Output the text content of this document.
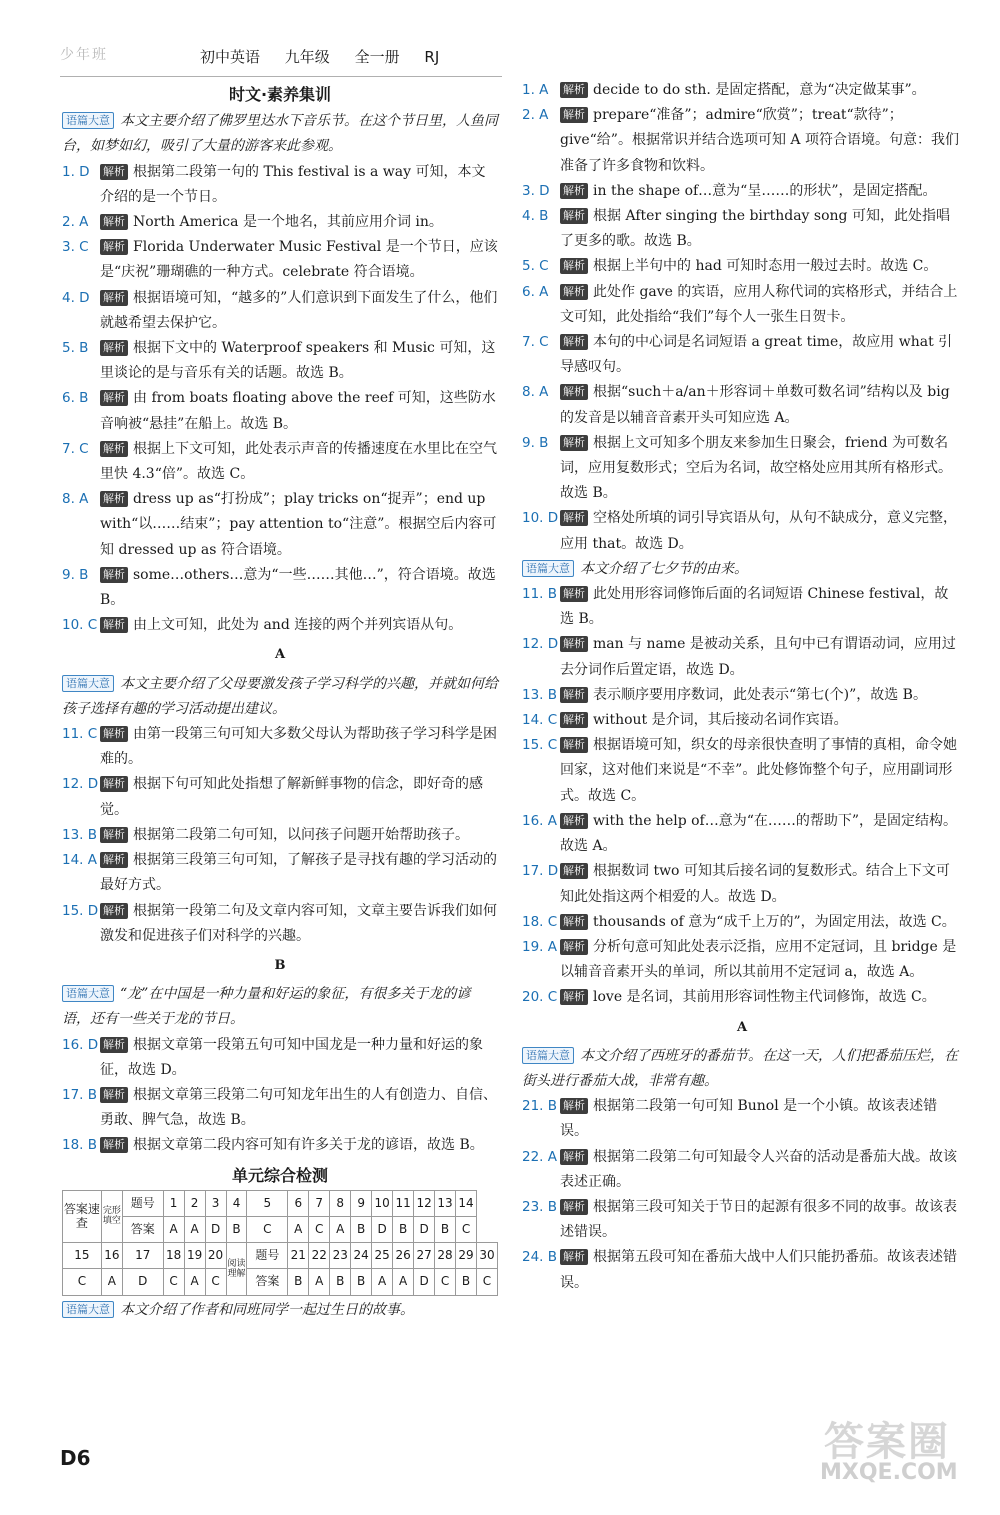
少年班	初中英语 九年级 全一册 RJ
时文·素养集训
语篇大意 本文主要介绍了佛罗里达水下音乐节。在这个节日里，人鱼同台，如梦如幻，吸引了大量的游客来此参观。
1. D 解析 根据第二段第一句的 This festival is a way 可知，本文介绍的是一个节日。
2. A 解析 North America 是一个地名，其前应用介词 in。
3. C 解析 Florida Underwater Music Festival 是一个节日，应该是“庆祝”珊瑚礁的一种方式。celebrate 符合语境。
4. D 解析 根据语境可知，“越多的”人们意识到下面发生了什么，他们就越希望去保护它。
5. B 解析 根据下文中的 Waterproof speakers 和 Music 可知，这里谈论的是与音乐有关的话题。故选 B。
6. B 解析 由 from boats floating above the reef 可知，这些防水音响被“悬挂”在船上。故选 B。
7. C 解析 根据上下文可知，此处表示声音的传播速度在水里比在空气里快 4.3“倍”。故选 C。
8. A 解析 dress up as“打扮成”；play tricks on“捉弄”；end up with“以……结束”；pay attention to“注意”。根据空后内容可知 dressed up as 符合语境。
9. B 解析 some…others…意为“一些……其他…”，符合语境。故选 B。
10. C 解析 由上文可知，此处为 and 连接的两个并列宾语从句。
A
语篇大意 本文主要介绍了父母要激发孩子学习科学的兴趣，并就如何给孩子选择有趣的学习活动提出建议。
11. C 解析 由第一段第三句可知大多数父母认为帮助孩子学习科学是困难的。
12. D 解析 根据下句可知此处指想了解新鲜事物的信念，即好奇的感觉。
13. B 解析 根据第二段第二句可知，以问孩子问题开始帮助孩子。
14. A 解析 根据第三段第三句可知，了解孩子是寻找有趣的学习活动的最好方式。
15. D 解析 根据第一段第二句及文章内容可知，文章主要告诉我们如何激发和促进孩子们对科学的兴趣。
B
语篇大意 “龙”在中国是一种力量和好运的象征，有很多关于龙的谚语，还有一些关于龙的节日。
16. D 解析 根据文章第一段第五句可知中国龙是一种力量和好运的象征，故选 D。
17. B 解析 根据文章第三段第二句可知龙年出生的人有创造力、自信、勇敢、脾气急，故选 B。
18. B 解析 根据文章第二段内容可知有许多关于龙的谚语，故选 B。
单元综合检测
答案速查	完形填空	题号	1	2	3	4	5	6	7	8	9	10	11	12	13	14	
		答案	A	A	D	B	C	A	C	A	B	D	B	D	B	C	
15	16	17	18	19	20	阅读理解	题号	21	22	23	24	25	26	27	28	29	30
C	A	D	C	A	C		答案	B	A	B	B	A	A	D	C	B	C
语篇大意 本文介绍了作者和同班同学一起过生日的故事。
1. A 解析 decide to do sth. 是固定搭配，意为“决定做某事”。
2. A 解析 prepare“准备”；admire“欣赏”；treat“款待”；give“给”。根据常识并结合选项可知 A 项符合语境。句意：我们准备了许多食物和饮料。
3. D 解析 in the shape of…意为“呈……的形状”，是固定搭配。
4. B 解析 根据 After singing the birthday song 可知，此处指唱了更多的歌。故选 B。
5. C 解析 根据上半句中的 had 可知时态用一般过去时。故选 C。
6. A 解析 此处作 gave 的宾语，应用人称代词的宾格形式，并结合上文可知，此处指给“我们”每个人一张生日贺卡。
7. C 解析 本句的中心词是名词短语 a great time，故应用 what 引导感叹句。
8. A 解析 根据“such＋a/an＋形容词＋单数可数名词”结构以及 big 的发音是以辅音音素开头可知应选 A。
9. B 解析 根据上文可知多个朋友来参加生日聚会，friend 为可数名词，应用复数形式；空后为名词，故空格处应用其所有格形式。故选 B。
10. D 解析 空格处所填的词引导宾语从句，从句不缺成分，意义完整，应用 that。故选 D。
语篇大意 本文介绍了七夕节的由来。
11. B 解析 此处用形容词修饰后面的名词短语 Chinese festival，故选 B。
12. D 解析 man 与 name 是被动关系，且句中已有谓语动词，应用过去分词作后置定语，故选 D。
13. B 解析 表示顺序要用序数词，此处表示“第七(个)”，故选 B。
14. C 解析 without 是介词，其后接动名词作宾语。
15. C 解析 根据语境可知，织女的母亲很快查明了事情的真相，命令她回家，这对他们来说是“不幸”。此处修饰整个句子，应用副词形式。故选 C。
16. A 解析 with the help of…意为“在……的帮助下”，是固定结构。故选 A。
17. D 解析 根据数词 two 可知其后接名词的复数形式。结合上下文可知此处指这两个相爱的人。故选 D。
18. C 解析 thousands of 意为“成千上万的”，为固定用法，故选 C。
19. A 解析 分析句意可知此处表示泛指，应用不定冠词，且 bridge 是以辅音音素开头的单词，所以其前用不定冠词 a，故选 A。
20. C 解析 love 是名词，其前用形容词性物主代词修饰，故选 C。
A
语篇大意 本文介绍了西班牙的番茄节。在这一天，人们把番茄压烂，在街头进行番茄大战，非常有趣。
21. B 解析 根据第二段第一句可知 Bunol 是一个小镇。故该表述错误。
22. A 解析 根据第二段第二句可知最令人兴奋的活动是番茄大战。故该表述正确。
23. B 解析 根据第三段可知关于节日的起源有很多不同的故事。故该表述错误。
24. B 解析 根据第五段可知在番茄大战中人们只能扔番茄。故该表述错误。
D6	答案圈
MXQE.COM
